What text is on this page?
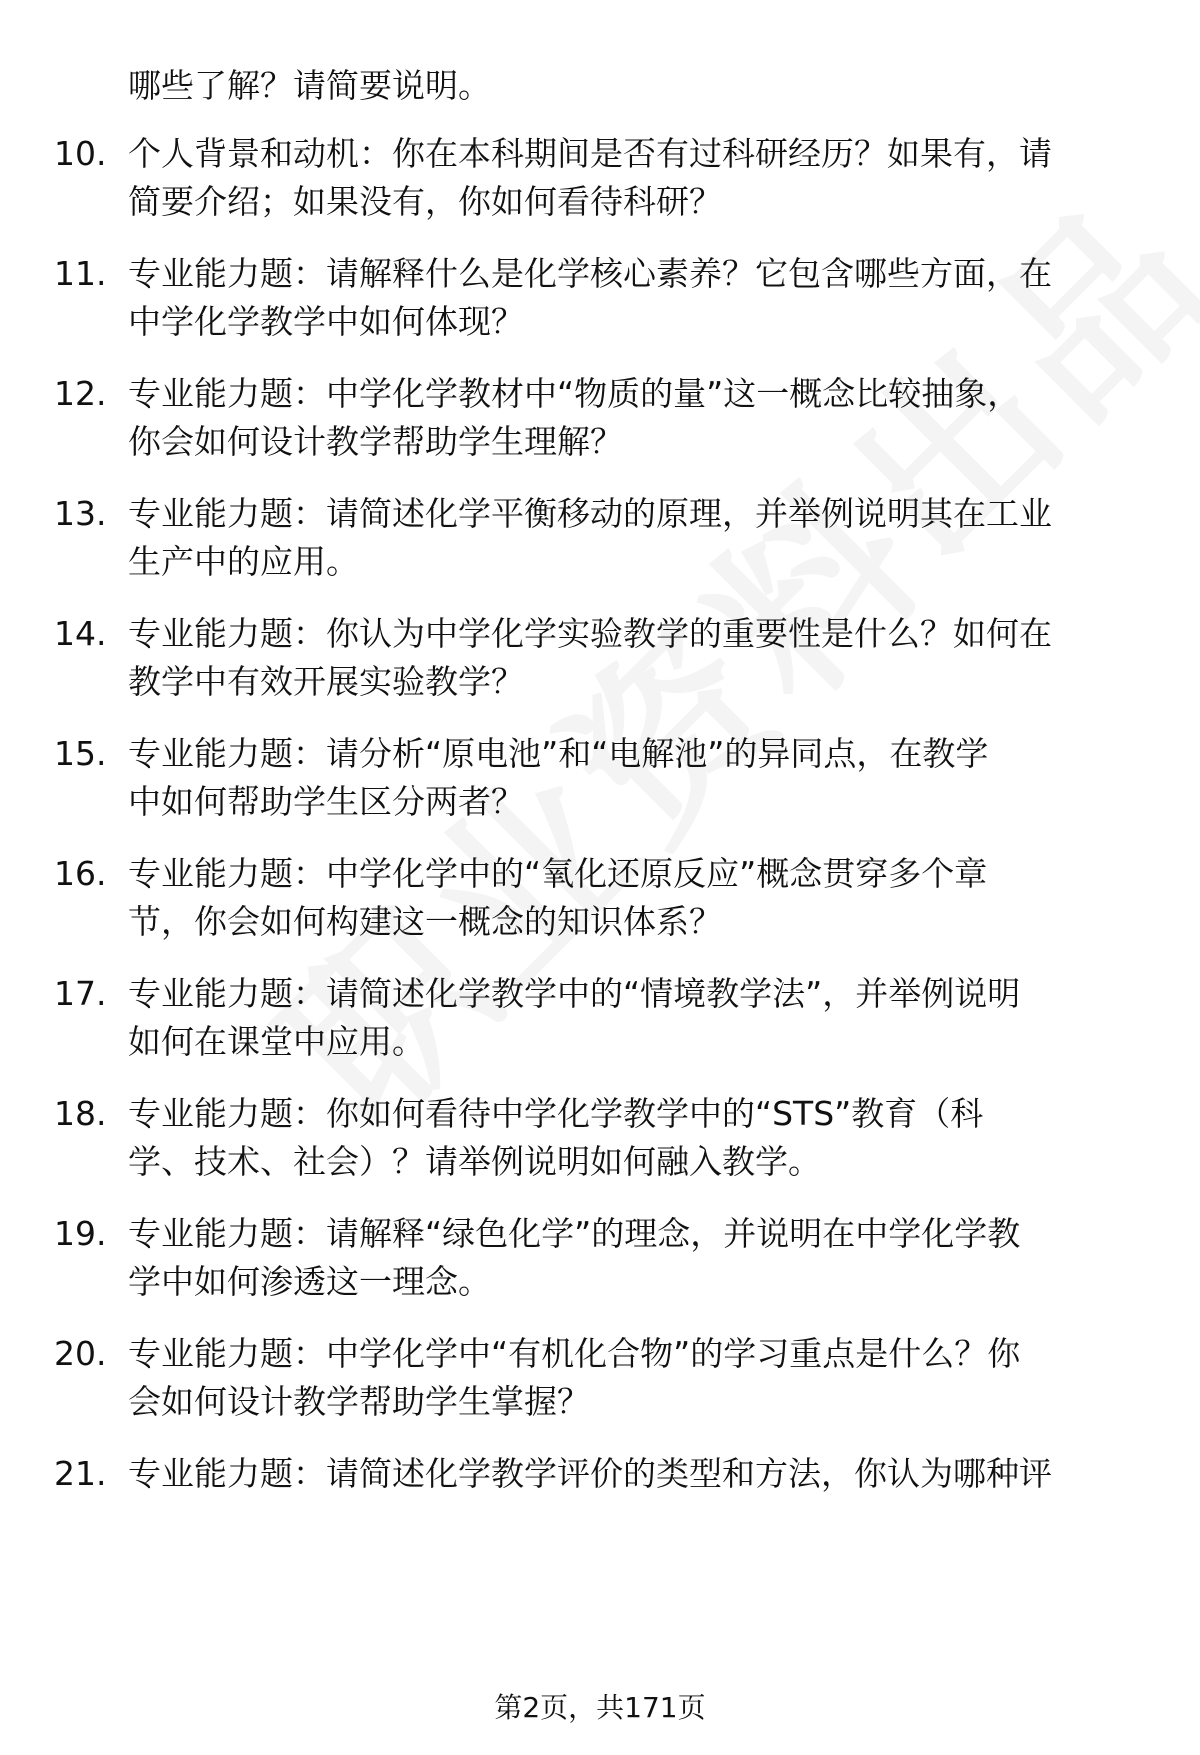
哪些了解？请简要说明。
10. 个人背景和动机：你在本科期间是否有过科研经历？如果有，请
简要介绍；如果没有，你如何看待科研？
11. 专业能力题：请解释什么是化学核心素养？它包含哪些方面，在
中学化学教学中如何体现？
12. 专业能力题：中学化学教材中“物质的量”这一概念比较抽象，
你会如何设计教学帮助学生理解？
13. 专业能力题：请简述化学平衡移动的原理，并举例说明其在工业
生产中的应用。
14. 专业能力题：你认为中学化学实验教学的重要性是什么？如何在
教学中有效开展实验教学？
15. 专业能力题：请分析“原电池”和“电解池”的异同点，在教学
中如何帮助学生区分两者？
16. 专业能力题：中学化学中的“氧化还原反应”概念贯穿多个章
节，你会如何构建这一概念的知识体系？
17. 专业能力题：请简述化学教学中的“情境教学法”，并举例说明
如何在课堂中应用。
18. 专业能力题：你如何看待中学化学教学中的“STS”教育（科
学、技术、社会）？请举例说明如何融入教学。
19. 专业能力题：请解释“绿色化学”的理念，并说明在中学化学教
学中如何渗透这一理念。
20. 专业能力题：中学化学中“有机化合物”的学习重点是什么？你
会如何设计教学帮助学生掌握？
21. 专业能力题：请简述化学教学评价的类型和方法，你认为哪种评
第2页，共171页
